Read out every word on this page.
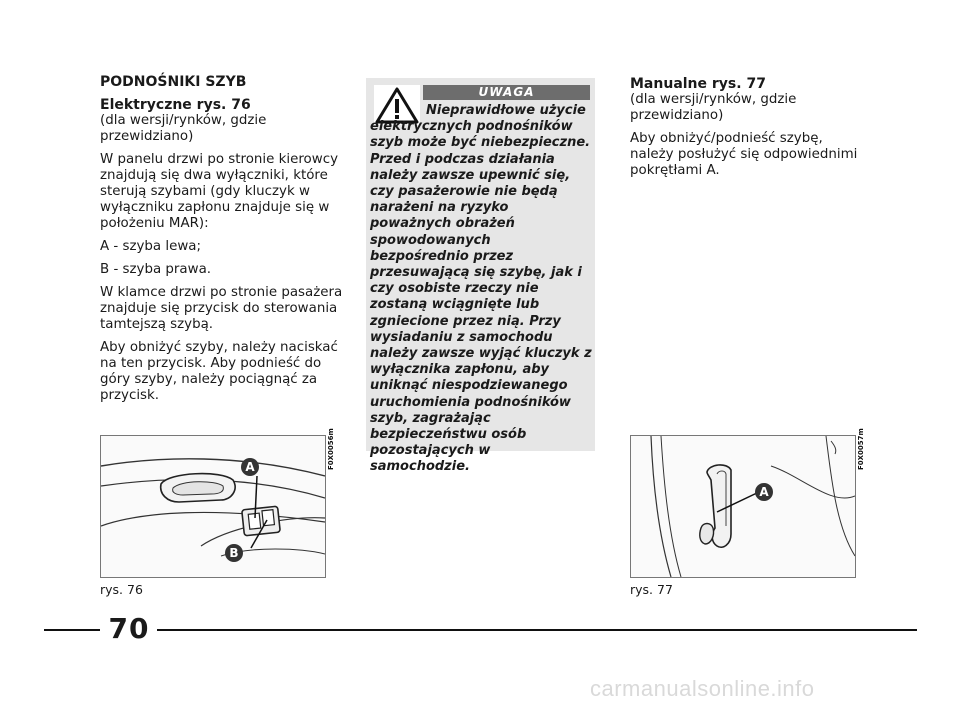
PODNOŚNIKI SZYB

Elektryczne rys. 76

(dla wersji/rynków, gdzie przewidziano)

W panelu drzwi po stronie kierowcy znajdują się dwa wyłączniki, które sterują szybami (gdy kluczyk w wyłączniku zapłonu znajduje się w położeniu MAR):

A - szyba lewa;

B - szyba prawa.

W klamce drzwi po stronie pasażera znajduje się przycisk do sterowania tamtejszą szybą.

Aby obniżyć szyby, należy naciskać na ten przycisk. Aby podnieść do góry szyby, należy pociągnąć za przycisk.

UWAGA
Nieprawidłowe użycie elektrycznych podnośników szyb może być niebezpieczne. Przed i podczas działania należy zawsze upewnić się, czy pasażerowie nie będą narażeni na ryzyko poważnych obrażeń spowodowanych bezpośrednio przez przesuwającą się szybę, jak i czy osobiste rzeczy nie zostaną wciągnięte lub zgniecione przez nią. Przy wysiadaniu z samochodu należy zawsze wyjąć kluczyk z wyłącznika zapłonu, aby uniknąć niespodziewanego uruchomienia podnośników szyb, zagrażając bezpieczeństwu osób pozostających w samochodzie.
Manualne rys. 77

(dla wersji/rynków, gdzie przewidziano)

Aby obniżyć/podnieść szybę, należy posłużyć się odpowiednimi pokrętłami A.

A
B
F0X0056m
rys. 76
A
F0X0057m
rys. 77
70
carmanualsonline.info
